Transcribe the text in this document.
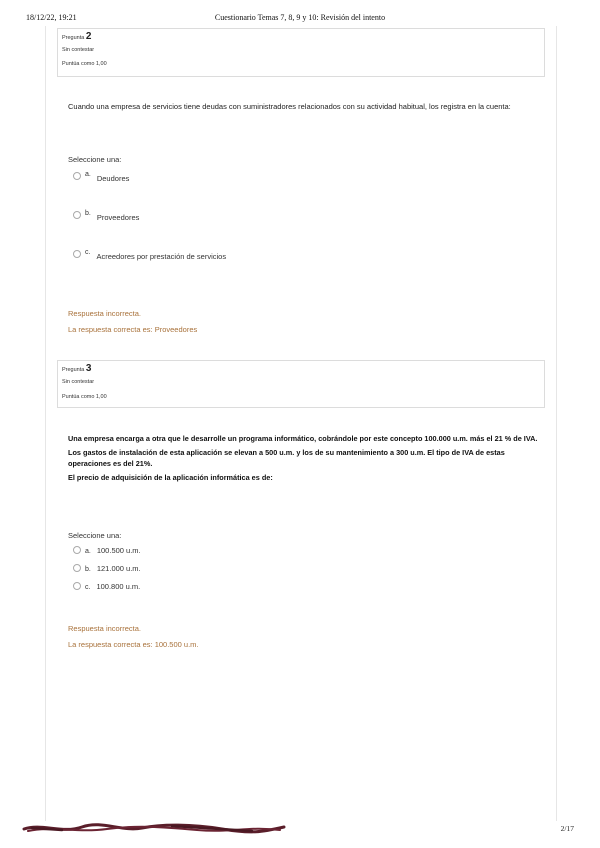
18/12/22, 19:21	Cuestionario Temas 7, 8, 9 y 10: Revisión del intento
Pregunta 2
Sin contestar
Puntúa como 1,00
Cuando una empresa de servicios tiene deudas con suministradores relacionados con su actividad habitual, los registra en la cuenta:
Seleccione una:
a. Deudores
b. Proveedores
c. Acreedores por prestación de servicios
Respuesta incorrecta.
La respuesta correcta es: Proveedores
Pregunta 3
Sin contestar
Puntúa como 1,00

Una empresa encarga a otra que le desarrolle un programa informático, cobrándole por este concepto 100.000 u.m. más el 21 % de IVA.

Los gastos de instalación de esta aplicación se elevan a 500 u.m. y los de su mantenimiento a 300 u.m. El tipo de IVA de estas operaciones es del 21%.

El precio de adquisición de la aplicación informática es de:

Seleccione una:
a. 100.500 u.m.
b. 121.000 u.m.
c. 100.800 u.m.
Respuesta incorrecta.
La respuesta correcta es: 100.500 u.m.
2/17
